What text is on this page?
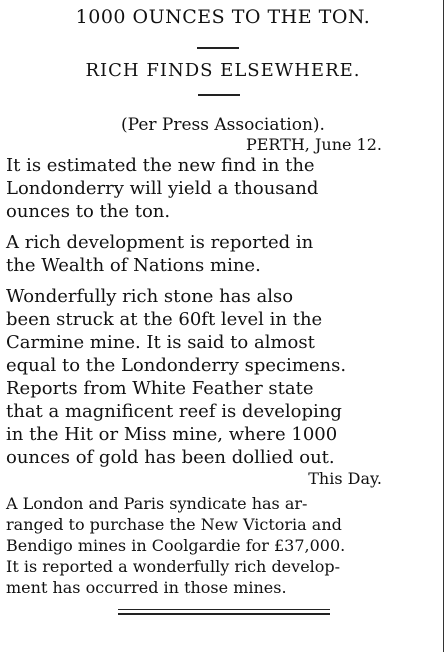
1000 OUNCES TO THE TON.
RICH FINDS ELSEWHERE.
(Per Press Association).
PERTH, June 12.
It is estimated the new find in the
Londonderry will yield a thousand
ounces to the ton.
A rich development is reported in
the Wealth of Nations mine.
Wonderfully rich stone has also
been struck at the 60ft level in the
Carmine mine. It is said to almost
equal to the Londonderry specimens.
Reports from White Feather state
that a magnificent reef is developing
in the Hit or Miss mine, where 1000
ounces of gold has been dollied out.
This Day.
A London and Paris syndicate has ar-
ranged to purchase the New Victoria and
Bendigo mines in Coolgardie for £37,000.
It is reported a wonderfully rich develop-
ment has occurred in those mines.
